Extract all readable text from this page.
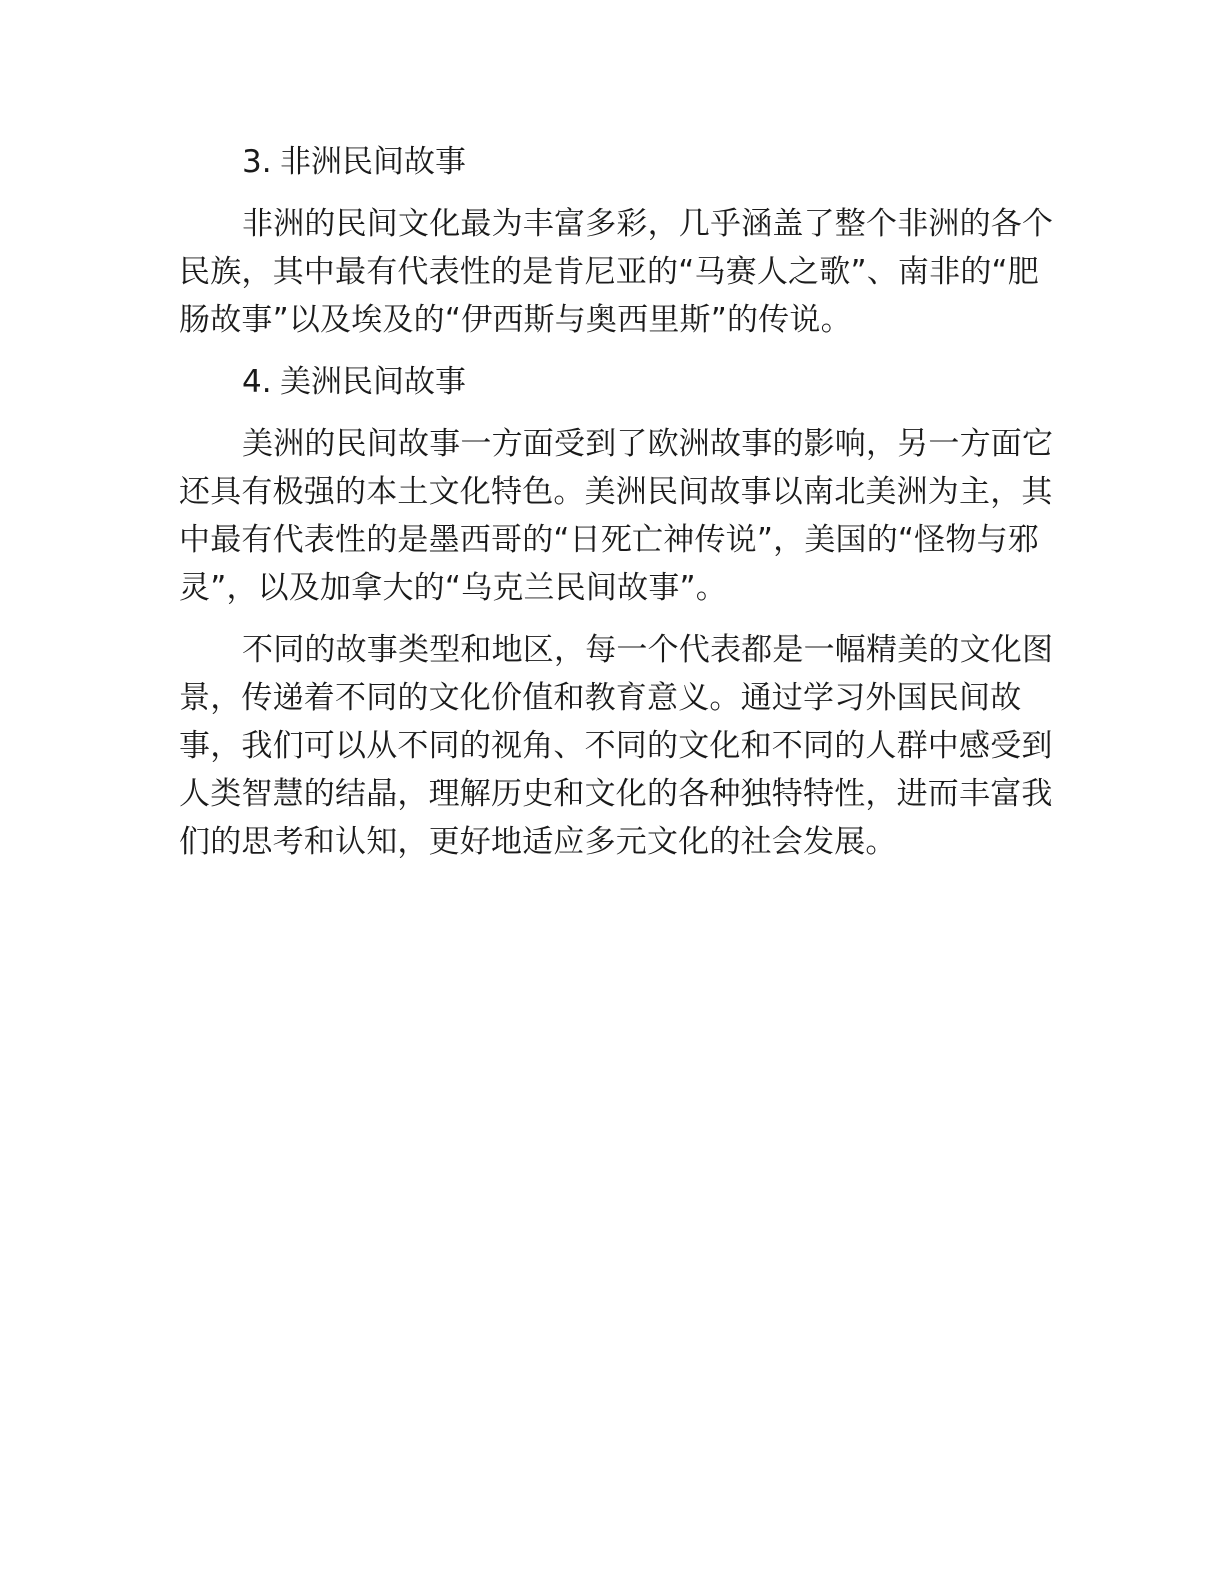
3. 非洲民间故事

非洲的民间文化最为丰富多彩，几乎涵盖了整个非洲的各个民族，其中最有代表性的是肯尼亚的“马赛人之歌”、南非的“肥肠故事”以及埃及的“伊西斯与奥西里斯”的传说。

4. 美洲民间故事

美洲的民间故事一方面受到了欧洲故事的影响，另一方面它还具有极强的本土文化特色。美洲民间故事以南北美洲为主，其中最有代表性的是墨西哥的“日死亡神传说”，美国的“怪物与邪灵”，以及加拿大的“乌克兰民间故事”。

不同的故事类型和地区，每一个代表都是一幅精美的文化图景，传递着不同的文化价值和教育意义。通过学习外国民间故事，我们可以从不同的视角、不同的文化和不同的人群中感受到人类智慧的结晶，理解历史和文化的各种独特特性，进而丰富我们的思考和认知，更好地适应多元文化的社会发展。
